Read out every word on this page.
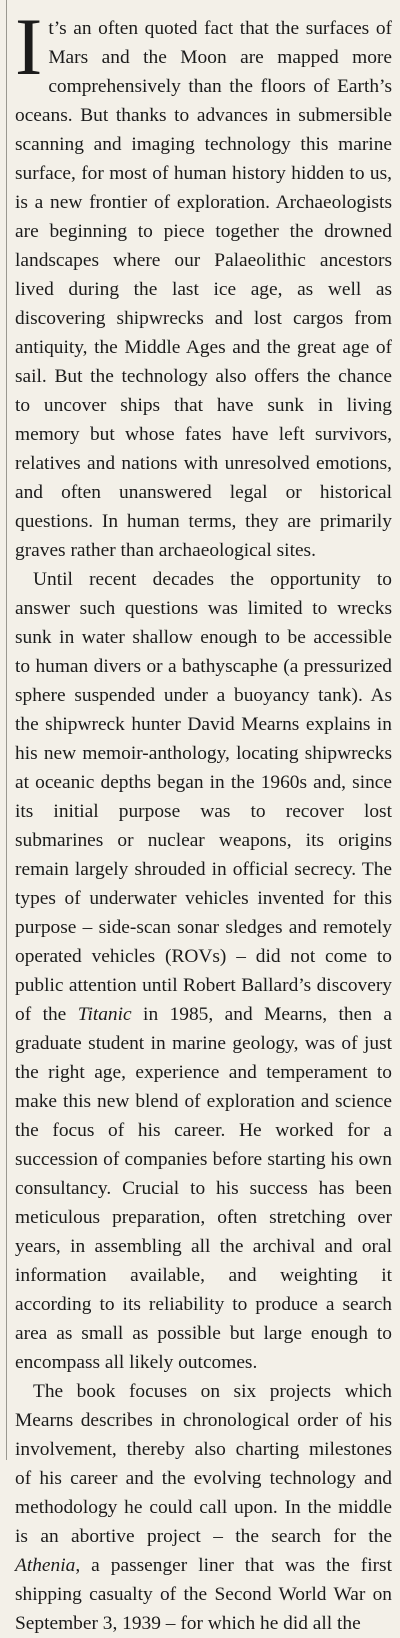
It’s an often quoted fact that the surfaces of Mars and the Moon are mapped more comprehensively than the floors of Earth’s oceans. But thanks to advances in submersible scanning and imaging technology this marine surface, for most of human history hidden to us, is a new frontier of exploration. Archaeologists are beginning to piece together the drowned landscapes where our Palaeolithic ancestors lived during the last ice age, as well as discovering shipwrecks and lost cargos from antiquity, the Middle Ages and the great age of sail. But the technology also offers the chance to uncover ships that have sunk in living memory but whose fates have left survivors, relatives and nations with unresolved emotions, and often unanswered legal or historical questions. In human terms, they are primarily graves rather than archaeological sites.

Until recent decades the opportunity to answer such questions was limited to wrecks sunk in water shallow enough to be accessible to human divers or a bathyscaphe (a pressurized sphere suspended under a buoyancy tank). As the shipwreck hunter David Mearns explains in his new memoir-anthology, locating shipwrecks at oceanic depths began in the 1960s and, since its initial purpose was to recover lost submarines or nuclear weapons, its origins remain largely shrouded in official secrecy. The types of underwater vehicles invented for this purpose – side-scan sonar sledges and remotely operated vehicles (ROVs) – did not come to public attention until Robert Ballard’s discovery of the Titanic in 1985, and Mearns, then a graduate student in marine geology, was of just the right age, experience and temperament to make this new blend of exploration and science the focus of his career. He worked for a succession of companies before starting his own consultancy. Crucial to his success has been meticulous preparation, often stretching over years, in assembling all the archival and oral information available, and weighting it according to its reliability to produce a search area as small as possible but large enough to encompass all likely outcomes.

The book focuses on six projects which Mearns describes in chronological order of his involvement, thereby also charting milestones of his career and the evolving technology and methodology he could call upon. In the middle is an abortive project – the search for the Athenia, a passenger liner that was the first shipping casualty of the Second World War on September 3, 1939 – for which he did all the
